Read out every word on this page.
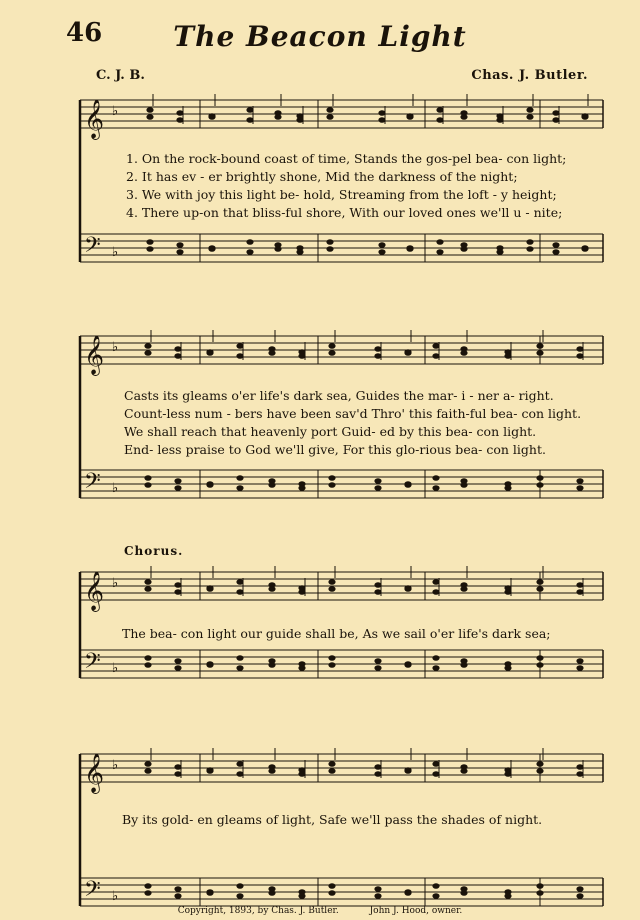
46	The Beacon Light
C. J. B.	Chas. J. Butler.
𝄞
𝄢
♭
♭
𝄞
𝄢
♭
♭
𝄞
𝄢
♭
♭
𝄞
𝄢
♭
♭
1. On the rock-bound coast of time, Stands the gos-pel bea- con light;
2. It has ev - er brightly shone, Mid the darkness of the night;
3. We with joy this light be- hold, Streaming from the loft - y height;
4. There up-on that bliss-ful shore, With our loved ones we'll u - nite;
Casts its gleams o'er life's dark sea, Guides the mar- i - ner a- right.
Count-less num - bers have been sav'd Thro' this faith-ful bea- con light.
We shall reach that heavenly port Guid- ed by this bea- con light.
End- less praise to God we'll give, For this glo-rious bea- con light.
Chorus.
The bea- con light our guide shall be, As we sail o'er life's dark sea;
By its gold- en gleams of light, Safe we'll pass the shades of night.
Copyright, 1893, by Chas. J. Butler.	John J. Hood, owner.
